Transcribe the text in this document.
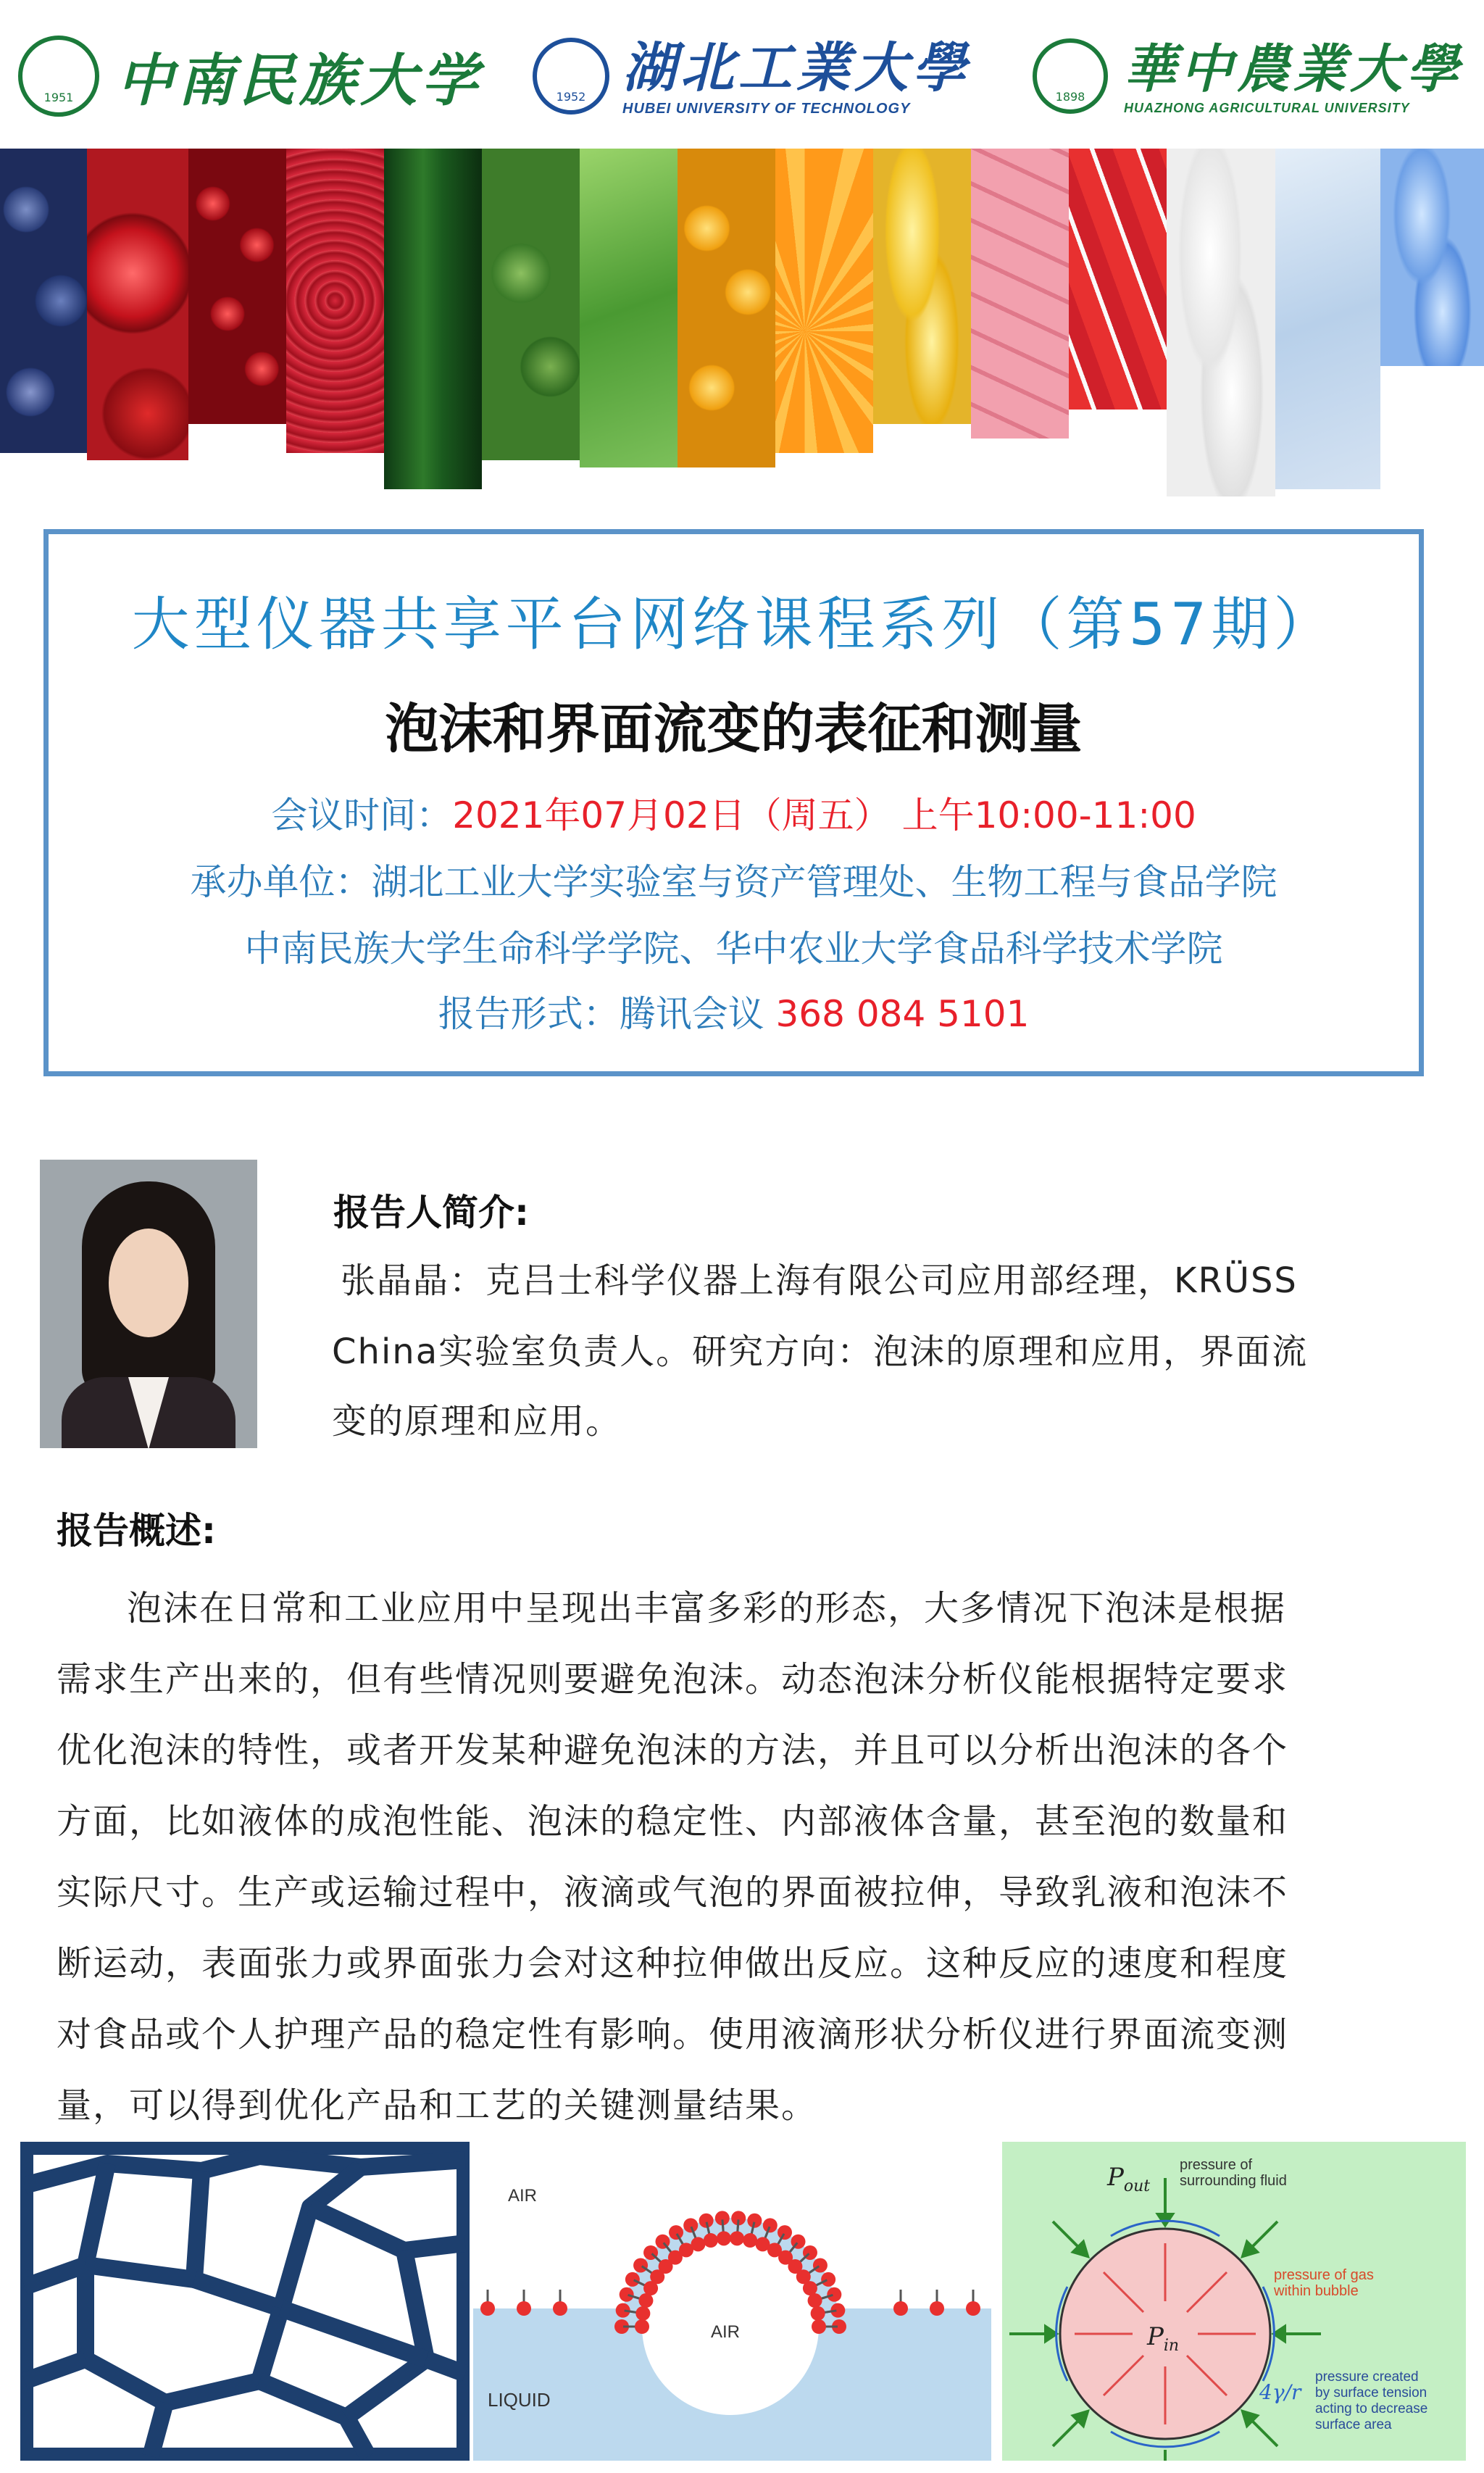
1951 中南民族大学	1952 湖北工業大學
HUBEI UNIVERSITY OF TECHNOLOGY
1898 華中農業大學
HUAZHONG AGRICULTURAL UNIVERSITY
大型仪器共享平台网络课程系列（第57期）
泡沫和界面流变的表征和测量
会议时间：2021年07月02日（周五） 上午10:00-11:00
承办单位：湖北工业大学实验室与资产管理处、生物工程与食品学院
中南民族大学生命科学学院、华中农业大学食品科学技术学院
报告形式：腾讯会议 368 084 5101
报告人简介:
张晶晶：克吕士科学仪器上海有限公司应用部经理，KRÜSS
China实验室负责人。研究方向：泡沫的原理和应用，界面流
变的原理和应用。
报告概述:
泡沫在日常和工业应用中呈现出丰富多彩的形态，大多情况下泡沫是根据
需求生产出来的，但有些情况则要避免泡沫。动态泡沫分析仪能根据特定要求
优化泡沫的特性，或者开发某种避免泡沫的方法，并且可以分析出泡沫的各个
方面，比如液体的成泡性能、泡沫的稳定性、内部液体含量，甚至泡的数量和
实际尺寸。生产或运输过程中，液滴或气泡的界面被拉伸，导致乳液和泡沫不
断运动，表面张力或界面张力会对这种拉伸做出反应。这种反应的速度和程度
对食品或个人护理产品的稳定性有影响。使用液滴形状分析仪进行界面流变测
量，可以得到优化产品和工艺的关键测量结果。
AIR
AIR
LIQUID
$P_{out}$
pressure of
surrounding fluid
$P_{in}$
pressure of gas
within bubble
4γ/r
pressure created
by surface tension
acting to decrease
surface area
